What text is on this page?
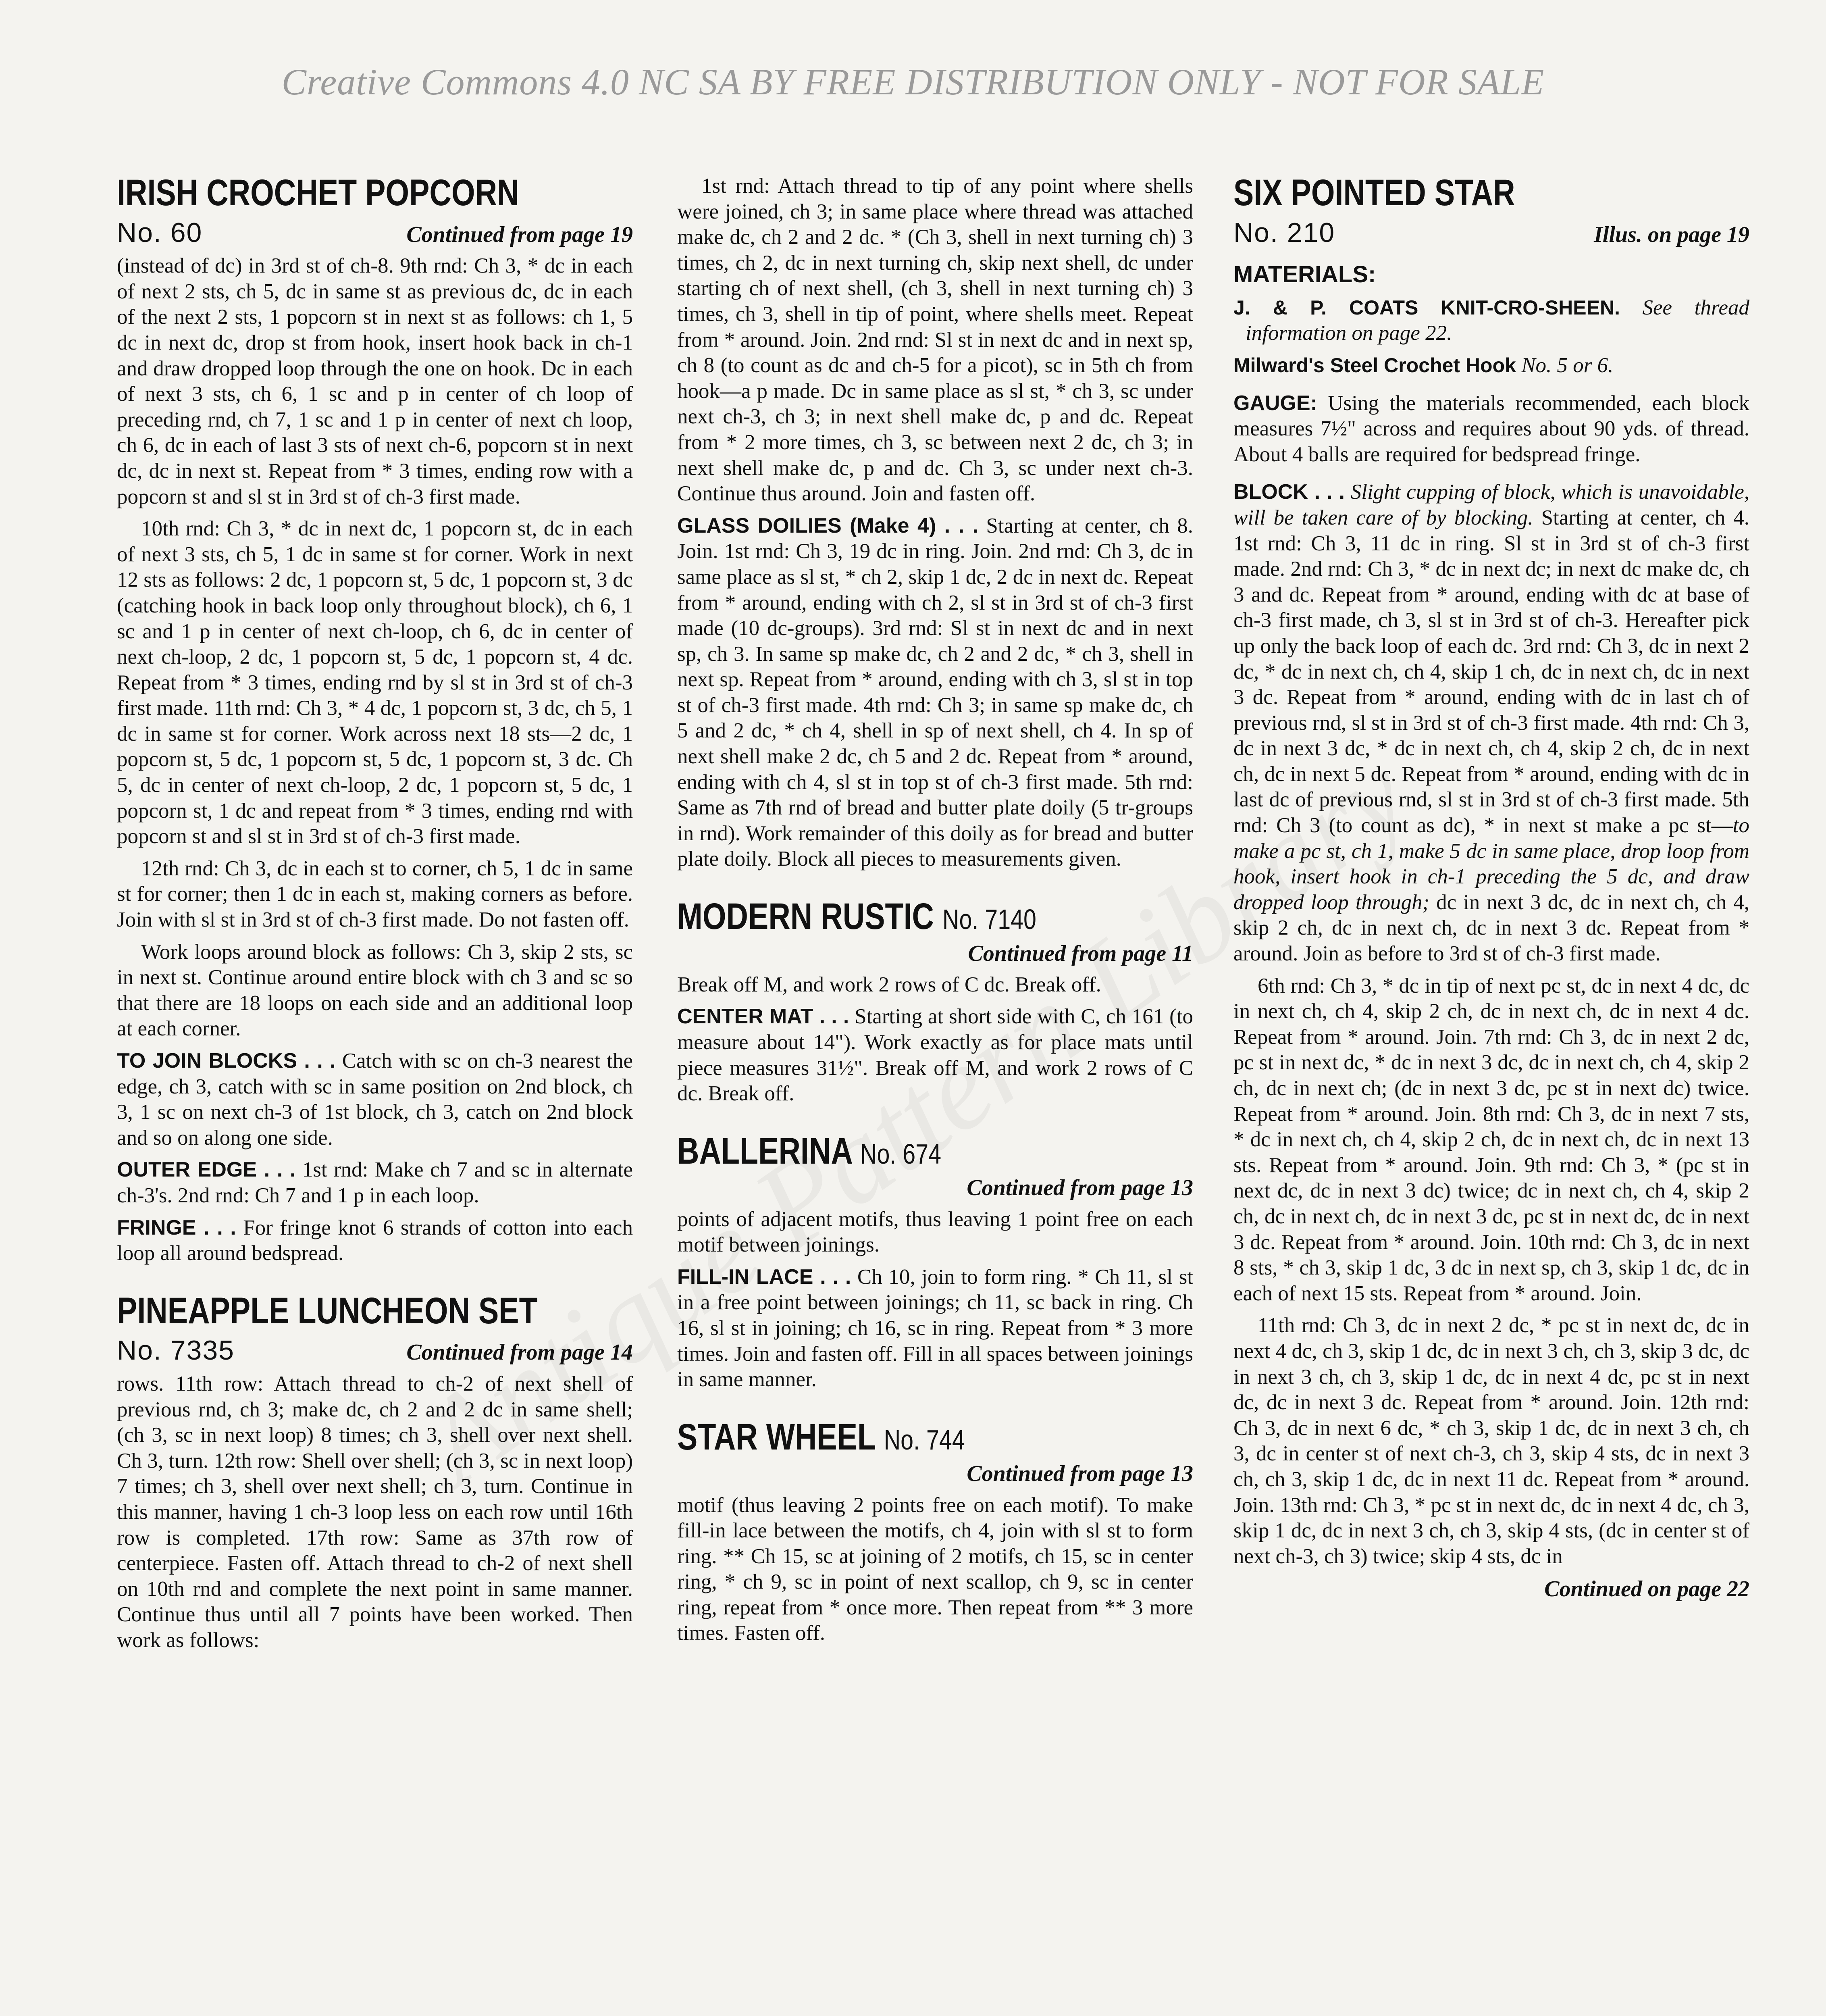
Creative Commons 4.0 NC SA BY FREE DISTRIBUTION ONLY - NOT FOR SALE
IRISH CROCHET POPCORN
No. 60	Continued from page 19

(instead of dc) in 3rd st of ch-8. 9th rnd: Ch 3, * dc in each of next 2 sts, ch 5, dc in same st as previous dc, dc in each of the next 2 sts, 1 popcorn st in next st as follows: ch 1, 5 dc in next dc, drop st from hook, insert hook back in ch-1 and draw dropped loop through the one on hook. Dc in each of next 3 sts, ch 6, 1 sc and p in center of ch loop of preceding rnd, ch 7, 1 sc and 1 p in center of next ch loop, ch 6, dc in each of last 3 sts of next ch-6, popcorn st in next dc, dc in next st. Repeat from * 3 times, ending row with a popcorn st and sl st in 3rd st of ch-3 first made.

10th rnd: Ch 3, * dc in next dc, 1 popcorn st, dc in each of next 3 sts, ch 5, 1 dc in same st for corner. Work in next 12 sts as follows: 2 dc, 1 popcorn st, 5 dc, 1 popcorn st, 3 dc (catching hook in back loop only throughout block), ch 6, 1 sc and 1 p in center of next ch-loop, ch 6, dc in center of next ch-loop, 2 dc, 1 popcorn st, 5 dc, 1 popcorn st, 4 dc. Repeat from * 3 times, ending rnd by sl st in 3rd st of ch-3 first made. 11th rnd: Ch 3, * 4 dc, 1 popcorn st, 3 dc, ch 5, 1 dc in same st for corner. Work across next 18 sts—2 dc, 1 popcorn st, 5 dc, 1 popcorn st, 5 dc, 1 popcorn st, 3 dc. Ch 5, dc in center of next ch-loop, 2 dc, 1 popcorn st, 5 dc, 1 popcorn st, 1 dc and repeat from * 3 times, ending rnd with popcorn st and sl st in 3rd st of ch-3 first made.

12th rnd: Ch 3, dc in each st to corner, ch 5, 1 dc in same st for corner; then 1 dc in each st, making corners as before. Join with sl st in 3rd st of ch-3 first made. Do not fasten off.

Work loops around block as follows: Ch 3, skip 2 sts, sc in next st. Continue around entire block with ch 3 and sc so that there are 18 loops on each side and an additional loop at each corner.

TO JOIN BLOCKS . . . Catch with sc on ch-3 nearest the edge, ch 3, catch with sc in same position on 2nd block, ch 3, 1 sc on next ch-3 of 1st block, ch 3, catch on 2nd block and so on along one side.

OUTER EDGE . . . 1st rnd: Make ch 7 and sc in alternate ch-3's. 2nd rnd: Ch 7 and 1 p in each loop.

FRINGE . . . For fringe knot 6 strands of cotton into each loop all around bedspread.

PINEAPPLE LUNCHEON SET
No. 7335	Continued from page 14

rows. 11th row: Attach thread to ch-2 of next shell of previous rnd, ch 3; make dc, ch 2 and 2 dc in same shell; (ch 3, sc in next loop) 8 times; ch 3, shell over next shell. Ch 3, turn. 12th row: Shell over shell; (ch 3, sc in next loop) 7 times; ch 3, shell over next shell; ch 3, turn. Continue in this manner, having 1 ch-3 loop less on each row until 16th row is completed. 17th row: Same as 37th row of centerpiece. Fasten off. Attach thread to ch-2 of next shell on 10th rnd and complete the next point in same manner. Continue thus until all 7 points have been worked. Then work as follows:

1st rnd: Attach thread to tip of any point where shells were joined, ch 3; in same place where thread was attached make dc, ch 2 and 2 dc. * (Ch 3, shell in next turning ch) 3 times, ch 2, dc in next turning ch, skip next shell, dc under starting ch of next shell, (ch 3, shell in next turning ch) 3 times, ch 3, shell in tip of point, where shells meet. Repeat from * around. Join. 2nd rnd: Sl st in next dc and in next sp, ch 8 (to count as dc and ch-5 for a picot), sc in 5th ch from hook—a p made. Dc in same place as sl st, * ch 3, sc under next ch-3, ch 3; in next shell make dc, p and dc. Repeat from * 2 more times, ch 3, sc between next 2 dc, ch 3; in next shell make dc, p and dc. Ch 3, sc under next ch-3. Continue thus around. Join and fasten off.

GLASS DOILIES (Make 4) . . . Starting at center, ch 8. Join. 1st rnd: Ch 3, 19 dc in ring. Join. 2nd rnd: Ch 3, dc in same place as sl st, * ch 2, skip 1 dc, 2 dc in next dc. Repeat from * around, ending with ch 2, sl st in 3rd st of ch-3 first made (10 dc-groups). 3rd rnd: Sl st in next dc and in next sp, ch 3. In same sp make dc, ch 2 and 2 dc, * ch 3, shell in next sp. Repeat from * around, ending with ch 3, sl st in top st of ch-3 first made. 4th rnd: Ch 3; in same sp make dc, ch 5 and 2 dc, * ch 4, shell in sp of next shell, ch 4. In sp of next shell make 2 dc, ch 5 and 2 dc. Repeat from * around, ending with ch 4, sl st in top st of ch-3 first made. 5th rnd: Same as 7th rnd of bread and butter plate doily (5 tr-groups in rnd). Work remainder of this doily as for bread and butter plate doily. Block all pieces to measurements given.

MODERN RUSTIC No. 7140
Continued from page 11

Break off M, and work 2 rows of C dc. Break off.

CENTER MAT . . . Starting at short side with C, ch 161 (to measure about 14"). Work exactly as for place mats until piece measures 31½". Break off M, and work 2 rows of C dc. Break off.

BALLERINA No. 674
Continued from page 13

points of adjacent motifs, thus leaving 1 point free on each motif between joinings.

FILL-IN LACE . . . Ch 10, join to form ring. * Ch 11, sl st in a free point between joinings; ch 11, sc back in ring. Ch 16, sl st in joining; ch 16, sc in ring. Repeat from * 3 more times. Join and fasten off. Fill in all spaces between joinings in same manner.

STAR WHEEL No. 744
Continued from page 13

motif (thus leaving 2 points free on each motif). To make fill-in lace between the motifs, ch 4, join with sl st to form ring. ** Ch 15, sc at joining of 2 motifs, ch 15, sc in center ring, * ch 9, sc in point of next scallop, ch 9, sc in center ring, repeat from * once more. Then repeat from ** 3 more times. Fasten off.

SIX POINTED STAR
No. 210	Illus. on page 19
MATERIALS:

J. & P. COATS KNIT-CRO-SHEEN. See thread information on page 22.

Milward's Steel Crochet Hook No. 5 or 6.

GAUGE: Using the materials recommended, each block measures 7½" across and requires about 90 yds. of thread. About 4 balls are required for bedspread fringe.

BLOCK . . . Slight cupping of block, which is unavoidable, will be taken care of by blocking. Starting at center, ch 4. 1st rnd: Ch 3, 11 dc in ring. Sl st in 3rd st of ch-3 first made. 2nd rnd: Ch 3, * dc in next dc; in next dc make dc, ch 3 and dc. Repeat from * around, ending with dc at base of ch-3 first made, ch 3, sl st in 3rd st of ch-3. Hereafter pick up only the back loop of each dc. 3rd rnd: Ch 3, dc in next 2 dc, * dc in next ch, ch 4, skip 1 ch, dc in next ch, dc in next 3 dc. Repeat from * around, ending with dc in last ch of previous rnd, sl st in 3rd st of ch-3 first made. 4th rnd: Ch 3, dc in next 3 dc, * dc in next ch, ch 4, skip 2 ch, dc in next ch, dc in next 5 dc. Repeat from * around, ending with dc in last dc of previous rnd, sl st in 3rd st of ch-3 first made. 5th rnd: Ch 3 (to count as dc), * in next st make a pc st—to make a pc st, ch 1, make 5 dc in same place, drop loop from hook, insert hook in ch-1 preceding the 5 dc, and draw dropped loop through; dc in next 3 dc, dc in next ch, ch 4, skip 2 ch, dc in next ch, dc in next 3 dc. Repeat from * around. Join as before to 3rd st of ch-3 first made.

6th rnd: Ch 3, * dc in tip of next pc st, dc in next 4 dc, dc in next ch, ch 4, skip 2 ch, dc in next ch, dc in next 4 dc. Repeat from * around. Join. 7th rnd: Ch 3, dc in next 2 dc, pc st in next dc, * dc in next 3 dc, dc in next ch, ch 4, skip 2 ch, dc in next ch; (dc in next 3 dc, pc st in next dc) twice. Repeat from * around. Join. 8th rnd: Ch 3, dc in next 7 sts, * dc in next ch, ch 4, skip 2 ch, dc in next ch, dc in next 13 sts. Repeat from * around. Join. 9th rnd: Ch 3, * (pc st in next dc, dc in next 3 dc) twice; dc in next ch, ch 4, skip 2 ch, dc in next ch, dc in next 3 dc, pc st in next dc, dc in next 3 dc. Repeat from * around. Join. 10th rnd: Ch 3, dc in next 8 sts, * ch 3, skip 1 dc, 3 dc in next sp, ch 3, skip 1 dc, dc in each of next 15 sts. Repeat from * around. Join.

11th rnd: Ch 3, dc in next 2 dc, * pc st in next dc, dc in next 4 dc, ch 3, skip 1 dc, dc in next 3 ch, ch 3, skip 3 dc, dc in next 3 ch, ch 3, skip 1 dc, dc in next 4 dc, pc st in next dc, dc in next 3 dc. Repeat from * around. Join. 12th rnd: Ch 3, dc in next 6 dc, * ch 3, skip 1 dc, dc in next 3 ch, ch 3, dc in center st of next ch-3, ch 3, skip 4 sts, dc in next 3 ch, ch 3, skip 1 dc, dc in next 11 dc. Repeat from * around. Join. 13th rnd: Ch 3, * pc st in next dc, dc in next 4 dc, ch 3, skip 1 dc, dc in next 3 ch, ch 3, skip 4 sts, (dc in center st of next ch-3, ch 3) twice; skip 4 sts, dc in

Continued on page 22
